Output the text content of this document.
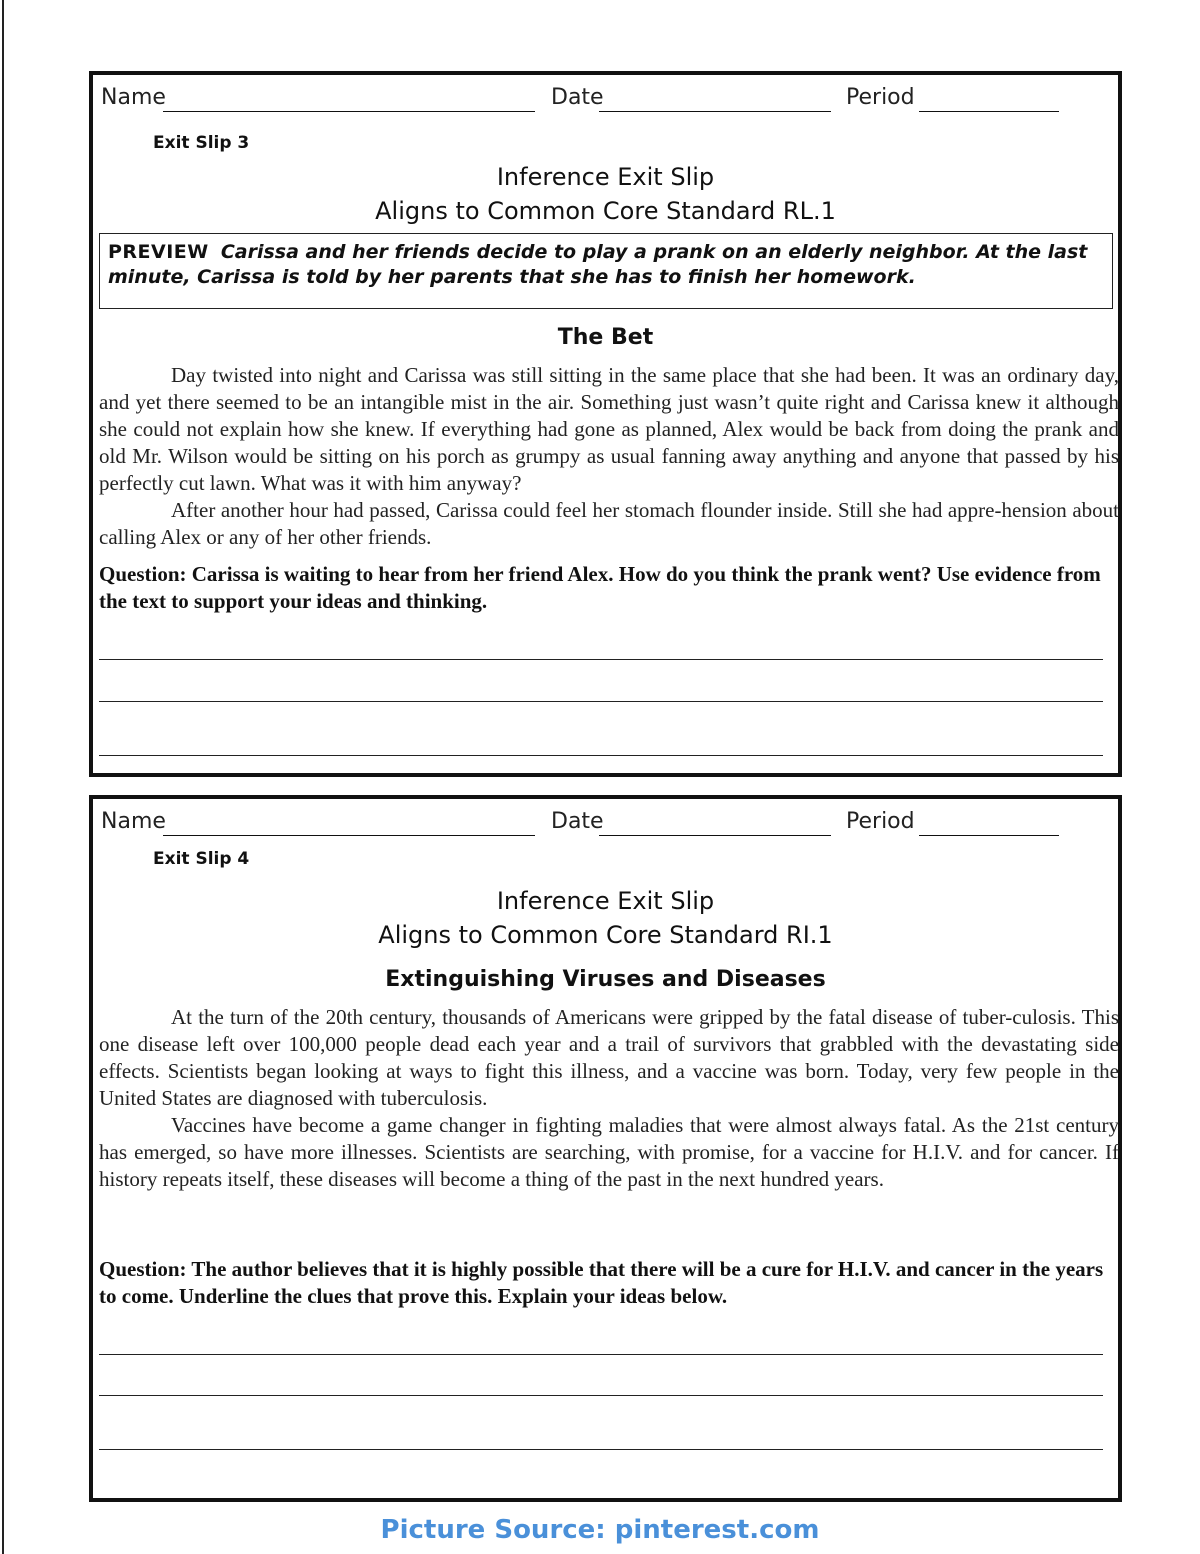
Name	Date	Period
Exit Slip 3
Inference Exit Slip
Aligns to Common Core Standard RL.1
PREVIEW Carissa and her friends decide to play a prank on an elderly neighbor. At the last minute, Carissa is told by her parents that she has to finish her homework.
The Bet

Day twisted into night and Carissa was still sitting in the same place that she had been. It was an ordinary day, and yet there seemed to be an intangible mist in the air. Something just wasn’t quite right and Carissa knew it although she could not explain how she knew. If everything had gone as planned, Alex would be back from doing the prank and old Mr. Wilson would be sitting on his porch as grumpy as usual fanning away anything and anyone that passed by his perfectly cut lawn. What was it with him anyway?

After another hour had passed, Carissa could feel her stomach flounder inside. Still she had appre-hension about calling Alex or any of her other friends.

Question: Carissa is waiting to hear from her friend Alex. How do you think the prank went? Use evidence from the text to support your ideas and thinking.
Name	Date	Period
Exit Slip 4
Inference Exit Slip
Aligns to Common Core Standard RI.1
Extinguishing Viruses and Diseases

At the turn of the 20th century, thousands of Americans were gripped by the fatal disease of tuber-culosis. This one disease left over 100,000 people dead each year and a trail of survivors that grabbled with the devastating side effects. Scientists began looking at ways to fight this illness, and a vaccine was born. Today, very few people in the United States are diagnosed with tuberculosis.

Vaccines have become a game changer in fighting maladies that were almost always fatal. As the 21st century has emerged, so have more illnesses. Scientists are searching, with promise, for a vaccine for H.I.V. and for cancer. If history repeats itself, these diseases will become a thing of the past in the next hundred years.

Question: The author believes that it is highly possible that there will be a cure for H.I.V. and cancer in the years to come. Underline the clues that prove this. Explain your ideas below.
Picture Source: pinterest.com
